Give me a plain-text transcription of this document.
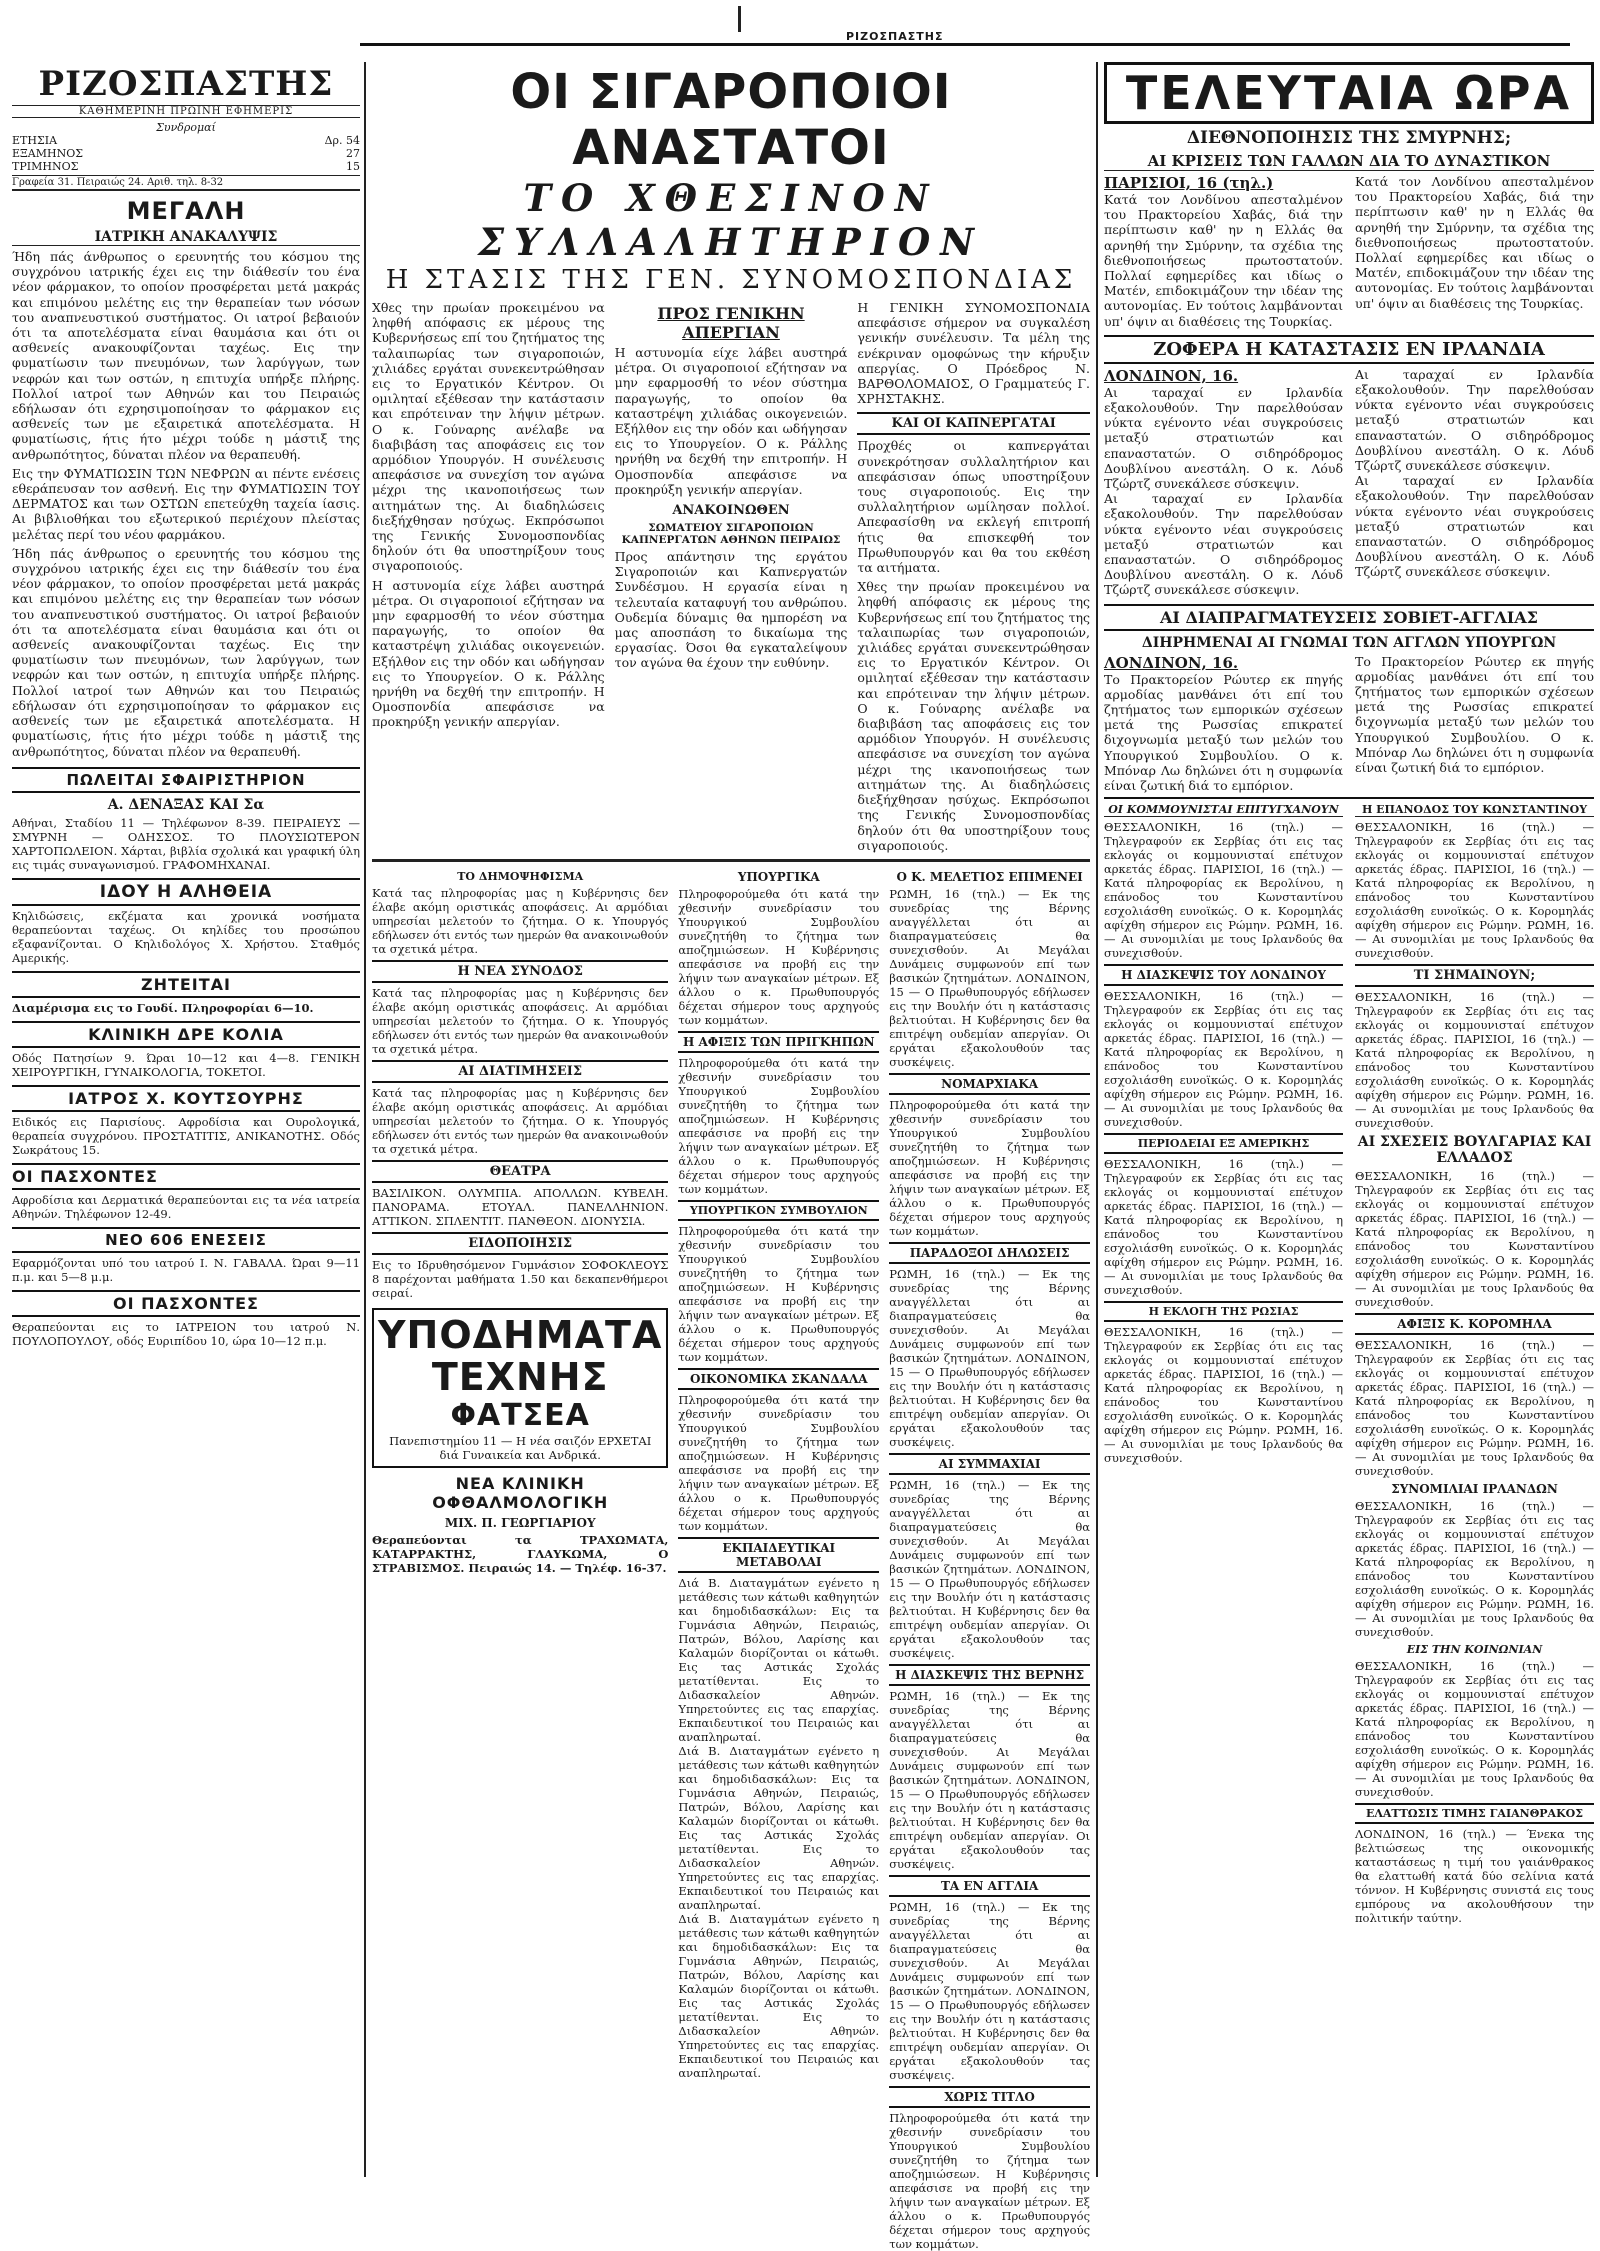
ΡΙΖΟΣΠΑΣΤΗΣ
ΡΙΖΟΣΠΑΣΤΗΣ
ΚΑΘΗΜΕΡΙΝΗ ΠΡΩΙΝΗ ΕΦΗΜΕΡΙΣ
Συνδρομαί
ΕΤΗΣΙΑ	Δρ. 54
ΕΞΑΜΗΝΟΣ	27
ΤΡΙΜΗΝΟΣ	15
Γραφεία 31. Πειραιώς 24. Αριθ. τηλ. 8-32
ΜΕΓΑΛΗ
ΙΑΤΡΙΚΗ ΑΝΑΚΑΛΥΨΙΣ

Ήδη πάς άνθρωπος ο ερευνητής του κόσμου της συγχρόνου ιατρικής έχει εις την διάθεσίν του ένα νέον φάρμακον, το οποίον προσφέρεται μετά μακράς και επιμόνου μελέτης εις την θεραπείαν των νόσων του αναπνευστικού συστήματος. Οι ιατροί βεβαιούν ότι τα αποτελέσματα είναι θαυμάσια και ότι οι ασθενείς ανακουφίζονται ταχέως. Εις την φυματίωσιν των πνευμόνων, των λαρύγγων, των νεφρών και των οστών, η επιτυχία υπήρξε πλήρης. Πολλοί ιατροί των Αθηνών και του Πειραιώς εδήλωσαν ότι εχρησιμοποίησαν το φάρμακον εις ασθενείς των με εξαιρετικά αποτελέσματα. Η φυματίωσις, ήτις ήτο μέχρι τούδε η μάστιξ της ανθρωπότητος, δύναται πλέον να θεραπευθή.

Εις την ΦΥΜΑΤΙΩΣΙΝ ΤΩΝ ΝΕΦΡΩΝ αι πέντε ενέσεις εθεράπευσαν τον ασθενή. Εις την ΦΥΜΑΤΙΩΣΙΝ ΤΟΥ ΔΕΡΜΑΤΟΣ και των ΟΣΤΩΝ επετεύχθη ταχεία ίασις. Αι βιβλιοθήκαι του εξωτερικού περιέχουν πλείστας μελέτας περί του νέου φαρμάκου.

Ήδη πάς άνθρωπος ο ερευνητής του κόσμου της συγχρόνου ιατρικής έχει εις την διάθεσίν του ένα νέον φάρμακον, το οποίον προσφέρεται μετά μακράς και επιμόνου μελέτης εις την θεραπείαν των νόσων του αναπνευστικού συστήματος. Οι ιατροί βεβαιούν ότι τα αποτελέσματα είναι θαυμάσια και ότι οι ασθενείς ανακουφίζονται ταχέως. Εις την φυματίωσιν των πνευμόνων, των λαρύγγων, των νεφρών και των οστών, η επιτυχία υπήρξε πλήρης. Πολλοί ιατροί των Αθηνών και του Πειραιώς εδήλωσαν ότι εχρησιμοποίησαν το φάρμακον εις ασθενείς των με εξαιρετικά αποτελέσματα. Η φυματίωσις, ήτις ήτο μέχρι τούδε η μάστιξ της ανθρωπότητος, δύναται πλέον να θεραπευθή.

ΠΩΛΕΙΤΑΙ ΣΦΑΙΡΙΣΤΗΡΙΟΝ
Α. ΔΕΝΑΞΑΣ ΚΑΙ Σα

Αθήναι, Σταδίου 11 — Τηλέφωνον 8-39. ΠΕΙΡΑΙΕΥΣ — ΣΜΥΡΝΗ — ΟΔΗΣΣΟΣ. ΤΟ ΠΛΟΥΣΙΩΤΕΡΟΝ ΧΑΡΤΟΠΩΛΕΙΟΝ. Χάρται, βιβλία σχολικά και γραφική ύλη εις τιμάς συναγωνισμού. ΓΡΑΦΟΜΗΧΑΝΑΙ.

ΙΔΟΥ Η ΑΛΗΘΕΙΑ

Κηλιδώσεις, εκζέματα και χρονικά νοσήματα θεραπεύονται ταχέως. Οι κηλίδες του προσώπου εξαφανίζονται. Ο Κηλιδολόγος Χ. Χρήστου. Σταθμός Αμερικής.

ΖΗΤΕΙΤΑΙ

Διαμέρισμα εις το Γουδί. Πληροφορίαι 6—10.

ΚΛΙΝΙΚΗ ΔΡΕ ΚΟΛΙΑ

Οδός Πατησίων 9. Ώραι 10—12 και 4—8. ΓΕΝΙΚΗ ΧΕΙΡΟΥΡΓΙΚΗ, ΓΥΝΑΙΚΟΛΟΓΙΑ, ΤΟΚΕΤΟΙ.

ΙΑΤΡΟΣ Χ. ΚΟΥΤΣΟΥΡΗΣ

Ειδικός εις Παρισίους. Αφροδίσια και Ουρολογικά, θεραπεία συγχρόνου. ΠΡΟΣΤΑΤΙΤΙΣ, ΑΝΙΚΑΝΟΤΗΣ. Οδός Σωκράτους 15.

ΟΙ ΠΑΣΧΟΝΤΕΣ

Αφροδίσια και Δερματικά θεραπεύονται εις τα νέα ιατρεία Αθηνών. Τηλέφωνον 12-49.

ΝΕΟ 606 ΕΝΕΣΕΙΣ

Εφαρμόζονται υπό του ιατρού Ι. Ν. ΓΑΒΑΛΑ. Ώραι 9—11 π.μ. και 5—8 μ.μ.

ΟΙ ΠΑΣΧΟΝΤΕΣ

Θεραπεύονται εις το ΙΑΤΡΕΙΟΝ του ιατρού Ν. ΠΟΥΛΟΠΟΥΛΟΥ, οδός Ευριπίδου 10, ώρα 10—12 π.μ.

ΟΙ ΣΙΓΑΡΟΠΟΙΟΙ ΑΝΑΣΤΑΤΟΙ
ΤΟ ΧΘΕΣΙΝΟΝ ΣΥΛΛΑΛΗΤΗΡΙΟΝ
Η ΣΤΑΣΙΣ ΤΗΣ ΓΕΝ. ΣΥΝΟΜΟΣΠΟΝΔΙΑΣ

Χθες την πρωίαν προκειμένου να ληφθή απόφασις εκ μέρους της Κυβερνήσεως επί του ζητήματος της ταλαιπωρίας των σιγαροποιών, χιλιάδες εργάται συνεκεντρώθησαν εις το Εργατικόν Κέντρον. Οι ομιληταί εξέθεσαν την κατάστασιν και επρότειναν την λήψιν μέτρων. Ο κ. Γούναρης ανέλαβε να διαβιβάση τας αποφάσεις εις τον αρμόδιον Υπουργόν. Η συνέλευσις απεφάσισε να συνεχίση τον αγώνα μέχρι της ικανοποιήσεως των αιτημάτων της. Αι διαδηλώσεις διεξήχθησαν ησύχως. Εκπρόσωποι της Γενικής Συνομοσπονδίας δηλούν ότι θα υποστηρίξουν τους σιγαροποιούς.

Η αστυνομία είχε λάβει αυστηρά μέτρα. Οι σιγαροποιοί εζήτησαν να μην εφαρμοσθή το νέον σύστημα παραγωγής, το οποίον θα καταστρέψη χιλιάδας οικογενειών. Εξήλθον εις την οδόν και ωδήγησαν εις το Υπουργείον. Ο κ. Ράλλης ηρνήθη να δεχθή την επιτροπήν. Η Ομοσπονδία απεφάσισε να προκηρύξη γενικήν απεργίαν.

ΠΡΟΣ ΓΕΝΙΚΗΝ ΑΠΕΡΓΙΑΝ

Η αστυνομία είχε λάβει αυστηρά μέτρα. Οι σιγαροποιοί εζήτησαν να μην εφαρμοσθή το νέον σύστημα παραγωγής, το οποίον θα καταστρέψη χιλιάδας οικογενειών. Εξήλθον εις την οδόν και ωδήγησαν εις το Υπουργείον. Ο κ. Ράλλης ηρνήθη να δεχθή την επιτροπήν. Η Ομοσπονδία απεφάσισε να προκηρύξη γενικήν απεργίαν.

ΑΝΑΚΟΙΝΩΘΕΝ
ΣΩΜΑΤΕΙΟΥ ΣΙΓΑΡΟΠΟΙΩΝ ΚΑΠΝΕΡΓΑΤΩΝ ΑΘΗΝΩΝ ΠΕΙΡΑΙΩΣ

Προς απάντησιν της εργάτου Σιγαροποιών και Καπνεργατών Συνδέσμου. Η εργασία είναι η τελευταία καταφυγή του ανθρώπου. Ουδεμία δύναμις θα ημπορέση να μας αποσπάση το δικαίωμα της εργασίας. Όσοι θα εγκαταλείψουν τον αγώνα θα έχουν την ευθύνην.

Η ΓΕΝΙΚΗ ΣΥΝΟΜΟΣΠΟΝΔΙΑ απεφάσισε σήμερον να συγκαλέση γενικήν συνέλευσιν. Τα μέλη της ενέκριναν ομοφώνως την κήρυξιν απεργίας. Ο Πρόεδρος Ν. ΒΑΡΘΟΛΟΜΑΙΟΣ, Ο Γραμματεύς Γ. ΧΡΗΣΤΑΚΗΣ.

ΚΑΙ ΟΙ ΚΑΠΝΕΡΓΑΤΑΙ

Προχθές οι καπνεργάται συνεκρότησαν συλλαλητήριον και απεφάσισαν όπως υποστηρίξουν τους σιγαροποιούς. Εις την συλλαλητήριον ωμίλησαν πολλοί. Απεφασίσθη να εκλεγή επιτροπή ήτις θα επισκεφθή τον Πρωθυπουργόν και θα του εκθέση τα αιτήματα.

Χθες την πρωίαν προκειμένου να ληφθή απόφασις εκ μέρους της Κυβερνήσεως επί του ζητήματος της ταλαιπωρίας των σιγαροποιών, χιλιάδες εργάται συνεκεντρώθησαν εις το Εργατικόν Κέντρον. Οι ομιληταί εξέθεσαν την κατάστασιν και επρότειναν την λήψιν μέτρων. Ο κ. Γούναρης ανέλαβε να διαβιβάση τας αποφάσεις εις τον αρμόδιον Υπουργόν. Η συνέλευσις απεφάσισε να συνεχίση τον αγώνα μέχρι της ικανοποιήσεως των αιτημάτων της. Αι διαδηλώσεις διεξήχθησαν ησύχως. Εκπρόσωποι της Γενικής Συνομοσπονδίας δηλούν ότι θα υποστηρίξουν τους σιγαροποιούς.

ΤΟ ΔΗΜΟΨΗΦΙΣΜΑ

Κατά τας πληροφορίας μας η Κυβέρνησις δεν έλαβε ακόμη οριστικάς αποφάσεις. Αι αρμόδιαι υπηρεσίαι μελετούν το ζήτημα. Ο κ. Υπουργός εδήλωσεν ότι εντός των ημερών θα ανακοινωθούν τα σχετικά μέτρα.

Η ΝΕΑ ΣΥΝΟΔΟΣ

Κατά τας πληροφορίας μας η Κυβέρνησις δεν έλαβε ακόμη οριστικάς αποφάσεις. Αι αρμόδιαι υπηρεσίαι μελετούν το ζήτημα. Ο κ. Υπουργός εδήλωσεν ότι εντός των ημερών θα ανακοινωθούν τα σχετικά μέτρα.

ΑΙ ΔΙΑΤΙΜΗΣΕΙΣ

Κατά τας πληροφορίας μας η Κυβέρνησις δεν έλαβε ακόμη οριστικάς αποφάσεις. Αι αρμόδιαι υπηρεσίαι μελετούν το ζήτημα. Ο κ. Υπουργός εδήλωσεν ότι εντός των ημερών θα ανακοινωθούν τα σχετικά μέτρα.

ΘΕΑΤΡΑ

ΒΑΣΙΛΙΚΟΝ. ΟΛΥΜΠΙΑ. ΑΠΟΛΛΩΝ. ΚΥΒΕΛΗ. ΠΑΝΟΡΑΜΑ. ΕΤΟΥΑΛ. ΠΑΝΕΛΛΗΝΙΟΝ. ΑΤΤΙΚΟΝ. ΣΠΛΕΝΤΙΤ. ΠΑΝΘΕΟΝ. ΔΙΟΝΥΣΙΑ.

ΕΙΔΟΠΟΙΗΣΙΣ

Εις το Ιδρυθησόμενον Γυμνάσιον ΣΟΦΟΚΛΕΟΥΣ 8 παρέχονται μαθήματα 1.50 και δεκαπενθήμεροι σειραί.

ΥΠΟΔΗΜΑΤΑ
ΤΕΧΝΗΣ
ΦΑΤΣΕΑ

Πανεπιστημίου 11 — Η νέα σαιζόν ΕΡΧΕΤΑΙ διά Γυναικεία και Ανδρικά.

ΝΕΑ ΚΛΙΝΙΚΗ ΟΦΘΑΛΜΟΛΟΓΙΚΗ
ΜΙΧ. Π. ΓΕΩΡΓΙΑΡΙΟΥ

Θεραπεύονται τα ΤΡΑΧΩΜΑΤΑ, ΚΑΤΑΡΡΑΚΤΗΣ, ΓΛΑΥΚΩΜΑ, Ο ΣΤΡΑΒΙΣΜΟΣ. Πειραιώς 14. — Τηλέφ. 16-37.

ΥΠΟΥΡΓΙΚΑ

Πληροφορούμεθα ότι κατά την χθεσινήν συνεδρίασιν του Υπουργικού Συμβουλίου συνεζητήθη το ζήτημα των αποζημιώσεων. Η Κυβέρνησις απεφάσισε να προβή εις την λήψιν των αναγκαίων μέτρων. Εξ άλλου ο κ. Πρωθυπουργός δέχεται σήμερον τους αρχηγούς των κομμάτων.

Η ΑΦΙΞΙΣ ΤΩΝ ΠΡΙΓΚΗΠΩΝ

Πληροφορούμεθα ότι κατά την χθεσινήν συνεδρίασιν του Υπουργικού Συμβουλίου συνεζητήθη το ζήτημα των αποζημιώσεων. Η Κυβέρνησις απεφάσισε να προβή εις την λήψιν των αναγκαίων μέτρων. Εξ άλλου ο κ. Πρωθυπουργός δέχεται σήμερον τους αρχηγούς των κομμάτων.

ΥΠΟΥΡΓΙΚΟΝ ΣΥΜΒΟΥΛΙΟΝ

Πληροφορούμεθα ότι κατά την χθεσινήν συνεδρίασιν του Υπουργικού Συμβουλίου συνεζητήθη το ζήτημα των αποζημιώσεων. Η Κυβέρνησις απεφάσισε να προβή εις την λήψιν των αναγκαίων μέτρων. Εξ άλλου ο κ. Πρωθυπουργός δέχεται σήμερον τους αρχηγούς των κομμάτων.

ΟΙΚΟΝΟΜΙΚΑ ΣΚΑΝΔΑΛΑ

Πληροφορούμεθα ότι κατά την χθεσινήν συνεδρίασιν του Υπουργικού Συμβουλίου συνεζητήθη το ζήτημα των αποζημιώσεων. Η Κυβέρνησις απεφάσισε να προβή εις την λήψιν των αναγκαίων μέτρων. Εξ άλλου ο κ. Πρωθυπουργός δέχεται σήμερον τους αρχηγούς των κομμάτων.

ΕΚΠΑΙΔΕΥΤΙΚΑΙ ΜΕΤΑΒΟΛΑΙ

Διά Β. Διαταγμάτων εγένετο η μετάθεσις των κάτωθι καθηγητών και δημοδιδασκάλων: Εις τα Γυμνάσια Αθηνών, Πειραιώς, Πατρών, Βόλου, Λαρίσης και Καλαμών διορίζονται οι κάτωθι. Εις τας Αστικάς Σχολάς μετατίθενται. Εις το Διδασκαλείον Αθηνών. Υπηρετούντες εις τας επαρχίας. Εκπαιδευτικοί του Πειραιώς και αναπληρωταί.

Διά Β. Διαταγμάτων εγένετο η μετάθεσις των κάτωθι καθηγητών και δημοδιδασκάλων: Εις τα Γυμνάσια Αθηνών, Πειραιώς, Πατρών, Βόλου, Λαρίσης και Καλαμών διορίζονται οι κάτωθι. Εις τας Αστικάς Σχολάς μετατίθενται. Εις το Διδασκαλείον Αθηνών. Υπηρετούντες εις τας επαρχίας. Εκπαιδευτικοί του Πειραιώς και αναπληρωταί.

Διά Β. Διαταγμάτων εγένετο η μετάθεσις των κάτωθι καθηγητών και δημοδιδασκάλων: Εις τα Γυμνάσια Αθηνών, Πειραιώς, Πατρών, Βόλου, Λαρίσης και Καλαμών διορίζονται οι κάτωθι. Εις τας Αστικάς Σχολάς μετατίθενται. Εις το Διδασκαλείον Αθηνών. Υπηρετούντες εις τας επαρχίας. Εκπαιδευτικοί του Πειραιώς και αναπληρωταί.

Ο Κ. ΜΕΛΕΤΙΟΣ ΕΠΙΜΕΝΕΙ

ΡΩΜΗ, 16 (τηλ.) — Εκ της συνεδρίας της Βέρνης αναγγέλλεται ότι αι διαπραγματεύσεις θα συνεχισθούν. Αι Μεγάλαι Δυνάμεις συμφωνούν επί των βασικών ζητημάτων. ΛΟΝΔΙΝΟΝ, 15 — Ο Πρωθυπουργός εδήλωσεν εις την Βουλήν ότι η κατάστασις βελτιούται. Η Κυβέρνησις δεν θα επιτρέψη ουδεμίαν απεργίαν. Οι εργάται εξακολουθούν τας συσκέψεις.

ΝΟΜΑΡΧΙΑΚΑ

Πληροφορούμεθα ότι κατά την χθεσινήν συνεδρίασιν του Υπουργικού Συμβουλίου συνεζητήθη το ζήτημα των αποζημιώσεων. Η Κυβέρνησις απεφάσισε να προβή εις την λήψιν των αναγκαίων μέτρων. Εξ άλλου ο κ. Πρωθυπουργός δέχεται σήμερον τους αρχηγούς των κομμάτων.

ΠΑΡΑΔΟΞΟΙ ΔΗΛΩΣΕΙΣ

ΡΩΜΗ, 16 (τηλ.) — Εκ της συνεδρίας της Βέρνης αναγγέλλεται ότι αι διαπραγματεύσεις θα συνεχισθούν. Αι Μεγάλαι Δυνάμεις συμφωνούν επί των βασικών ζητημάτων. ΛΟΝΔΙΝΟΝ, 15 — Ο Πρωθυπουργός εδήλωσεν εις την Βουλήν ότι η κατάστασις βελτιούται. Η Κυβέρνησις δεν θα επιτρέψη ουδεμίαν απεργίαν. Οι εργάται εξακολουθούν τας συσκέψεις.

ΑΙ ΣΥΜΜΑΧΙΑΙ

ΡΩΜΗ, 16 (τηλ.) — Εκ της συνεδρίας της Βέρνης αναγγέλλεται ότι αι διαπραγματεύσεις θα συνεχισθούν. Αι Μεγάλαι Δυνάμεις συμφωνούν επί των βασικών ζητημάτων. ΛΟΝΔΙΝΟΝ, 15 — Ο Πρωθυπουργός εδήλωσεν εις την Βουλήν ότι η κατάστασις βελτιούται. Η Κυβέρνησις δεν θα επιτρέψη ουδεμίαν απεργίαν. Οι εργάται εξακολουθούν τας συσκέψεις.

Η ΔΙΑΣΚΕΨΙΣ ΤΗΣ ΒΕΡΝΗΣ

ΡΩΜΗ, 16 (τηλ.) — Εκ της συνεδρίας της Βέρνης αναγγέλλεται ότι αι διαπραγματεύσεις θα συνεχισθούν. Αι Μεγάλαι Δυνάμεις συμφωνούν επί των βασικών ζητημάτων. ΛΟΝΔΙΝΟΝ, 15 — Ο Πρωθυπουργός εδήλωσεν εις την Βουλήν ότι η κατάστασις βελτιούται. Η Κυβέρνησις δεν θα επιτρέψη ουδεμίαν απεργίαν. Οι εργάται εξακολουθούν τας συσκέψεις.

ΤΑ ΕΝ ΑΓΓΛΙΑ

ΡΩΜΗ, 16 (τηλ.) — Εκ της συνεδρίας της Βέρνης αναγγέλλεται ότι αι διαπραγματεύσεις θα συνεχισθούν. Αι Μεγάλαι Δυνάμεις συμφωνούν επί των βασικών ζητημάτων. ΛΟΝΔΙΝΟΝ, 15 — Ο Πρωθυπουργός εδήλωσεν εις την Βουλήν ότι η κατάστασις βελτιούται. Η Κυβέρνησις δεν θα επιτρέψη ουδεμίαν απεργίαν. Οι εργάται εξακολουθούν τας συσκέψεις.

ΧΩΡΙΣ ΤΙΤΛΟ

Πληροφορούμεθα ότι κατά την χθεσινήν συνεδρίασιν του Υπουργικού Συμβουλίου συνεζητήθη το ζήτημα των αποζημιώσεων. Η Κυβέρνησις απεφάσισε να προβή εις την λήψιν των αναγκαίων μέτρων. Εξ άλλου ο κ. Πρωθυπουργός δέχεται σήμερον τους αρχηγούς των κομμάτων.

ΤΕΛΕΥΤΑΙΑ ΩΡΑ
ΔΙΕΘΝΟΠΟΙΗΣΙΣ ΤΗΣ ΣΜΥΡΝΗΣ;
ΑΙ ΚΡΙΣΕΙΣ ΤΩΝ ΓΑΛΛΩΝ ΔΙΑ ΤΟ ΔΥΝΑΣΤΙΚΟΝ
ΠΑΡΙΣΙΟΙ, 16 (τηλ.)

Κατά τον Λονδίνου απεσταλμένον του Πρακτορείου Χαβάς, διά την περίπτωσιν καθ' ην η Ελλάς θα αρνηθή την Σμύρνην, τα σχέδια της διεθνοποιήσεως πρωτοστατούν. Πολλαί εφημερίδες και ιδίως ο Ματέν, επιδοκιμάζουν την ιδέαν της αυτονομίας. Εν τούτοις λαμβάνονται υπ' όψιν αι διαθέσεις της Τουρκίας.

Κατά τον Λονδίνου απεσταλμένον του Πρακτορείου Χαβάς, διά την περίπτωσιν καθ' ην η Ελλάς θα αρνηθή την Σμύρνην, τα σχέδια της διεθνοποιήσεως πρωτοστατούν. Πολλαί εφημερίδες και ιδίως ο Ματέν, επιδοκιμάζουν την ιδέαν της αυτονομίας. Εν τούτοις λαμβάνονται υπ' όψιν αι διαθέσεις της Τουρκίας.

ΖΟΦΕΡΑ Η ΚΑΤΑΣΤΑΣΙΣ ΕΝ ΙΡΛΑΝΔΙΑ
ΛΟΝΔΙΝΟΝ, 16.

Αι ταραχαί εν Ιρλανδία εξακολουθούν. Την παρελθούσαν νύκτα εγένοντο νέαι συγκρούσεις μεταξύ στρατιωτών και επαναστατών. Ο σιδηρόδρομος Δουβλίνου ανεστάλη. Ο κ. Λόυδ Τζώρτζ συνεκάλεσε σύσκεψιν.

Αι ταραχαί εν Ιρλανδία εξακολουθούν. Την παρελθούσαν νύκτα εγένοντο νέαι συγκρούσεις μεταξύ στρατιωτών και επαναστατών. Ο σιδηρόδρομος Δουβλίνου ανεστάλη. Ο κ. Λόυδ Τζώρτζ συνεκάλεσε σύσκεψιν.

Αι ταραχαί εν Ιρλανδία εξακολουθούν. Την παρελθούσαν νύκτα εγένοντο νέαι συγκρούσεις μεταξύ στρατιωτών και επαναστατών. Ο σιδηρόδρομος Δουβλίνου ανεστάλη. Ο κ. Λόυδ Τζώρτζ συνεκάλεσε σύσκεψιν.

Αι ταραχαί εν Ιρλανδία εξακολουθούν. Την παρελθούσαν νύκτα εγένοντο νέαι συγκρούσεις μεταξύ στρατιωτών και επαναστατών. Ο σιδηρόδρομος Δουβλίνου ανεστάλη. Ο κ. Λόυδ Τζώρτζ συνεκάλεσε σύσκεψιν.

ΑΙ ΔΙΑΠΡΑΓΜΑΤΕΥΣΕΙΣ ΣΟΒΙΕΤ-ΑΓΓΛΙΑΣ
ΔΙΗΡΗΜΕΝΑΙ ΑΙ ΓΝΩΜΑΙ ΤΩΝ ΑΓΓΛΩΝ ΥΠΟΥΡΓΩΝ
ΛΟΝΔΙΝΟΝ, 16.

Το Πρακτορείον Ρώυτερ εκ πηγής αρμοδίας μανθάνει ότι επί του ζητήματος των εμπορικών σχέσεων μετά της Ρωσσίας επικρατεί διχογνωμία μεταξύ των μελών του Υπουργικού Συμβουλίου. Ο κ. Μπόναρ Λω δηλώνει ότι η συμφωνία είναι ζωτική διά το εμπόριον.

Το Πρακτορείον Ρώυτερ εκ πηγής αρμοδίας μανθάνει ότι επί του ζητήματος των εμπορικών σχέσεων μετά της Ρωσσίας επικρατεί διχογνωμία μεταξύ των μελών του Υπουργικού Συμβουλίου. Ο κ. Μπόναρ Λω δηλώνει ότι η συμφωνία είναι ζωτική διά το εμπόριον.

ΟΙ ΚΟΜΜΟΥΝΙΣΤΑΙ ΕΠΙΤΥΓΧΑΝΟΥΝ

ΘΕΣΣΑΛΟΝΙΚΗ, 16 (τηλ.) — Τηλεγραφούν εκ Σερβίας ότι εις τας εκλογάς οι κομμουνισταί επέτυχον αρκετάς έδρας. ΠΑΡΙΣΙΟΙ, 16 (τηλ.) — Κατά πληροφορίας εκ Βερολίνου, η επάνοδος του Κωνσταντίνου εσχολιάσθη ευνοϊκώς. Ο κ. Κορομηλάς αφίχθη σήμερον εις Ρώμην. ΡΩΜΗ, 16. — Αι συνομιλίαι με τους Ιρλανδούς θα συνεχισθούν.

Η ΔΙΑΣΚΕΨΙΣ ΤΟΥ ΛΟΝΔΙΝΟΥ

ΘΕΣΣΑΛΟΝΙΚΗ, 16 (τηλ.) — Τηλεγραφούν εκ Σερβίας ότι εις τας εκλογάς οι κομμουνισταί επέτυχον αρκετάς έδρας. ΠΑΡΙΣΙΟΙ, 16 (τηλ.) — Κατά πληροφορίας εκ Βερολίνου, η επάνοδος του Κωνσταντίνου εσχολιάσθη ευνοϊκώς. Ο κ. Κορομηλάς αφίχθη σήμερον εις Ρώμην. ΡΩΜΗ, 16. — Αι συνομιλίαι με τους Ιρλανδούς θα συνεχισθούν.

ΠΕΡΙΟΔΕΙΑΙ ΕΞ ΑΜΕΡΙΚΗΣ

ΘΕΣΣΑΛΟΝΙΚΗ, 16 (τηλ.) — Τηλεγραφούν εκ Σερβίας ότι εις τας εκλογάς οι κομμουνισταί επέτυχον αρκετάς έδρας. ΠΑΡΙΣΙΟΙ, 16 (τηλ.) — Κατά πληροφορίας εκ Βερολίνου, η επάνοδος του Κωνσταντίνου εσχολιάσθη ευνοϊκώς. Ο κ. Κορομηλάς αφίχθη σήμερον εις Ρώμην. ΡΩΜΗ, 16. — Αι συνομιλίαι με τους Ιρλανδούς θα συνεχισθούν.

Η ΕΚΛΟΓΗ ΤΗΣ ΡΩΣΙΑΣ

ΘΕΣΣΑΛΟΝΙΚΗ, 16 (τηλ.) — Τηλεγραφούν εκ Σερβίας ότι εις τας εκλογάς οι κομμουνισταί επέτυχον αρκετάς έδρας. ΠΑΡΙΣΙΟΙ, 16 (τηλ.) — Κατά πληροφορίας εκ Βερολίνου, η επάνοδος του Κωνσταντίνου εσχολιάσθη ευνοϊκώς. Ο κ. Κορομηλάς αφίχθη σήμερον εις Ρώμην. ΡΩΜΗ, 16. — Αι συνομιλίαι με τους Ιρλανδούς θα συνεχισθούν.

Η ΕΠΑΝΟΔΟΣ ΤΟΥ ΚΩΝΣΤΑΝΤΙΝΟΥ

ΘΕΣΣΑΛΟΝΙΚΗ, 16 (τηλ.) — Τηλεγραφούν εκ Σερβίας ότι εις τας εκλογάς οι κομμουνισταί επέτυχον αρκετάς έδρας. ΠΑΡΙΣΙΟΙ, 16 (τηλ.) — Κατά πληροφορίας εκ Βερολίνου, η επάνοδος του Κωνσταντίνου εσχολιάσθη ευνοϊκώς. Ο κ. Κορομηλάς αφίχθη σήμερον εις Ρώμην. ΡΩΜΗ, 16. — Αι συνομιλίαι με τους Ιρλανδούς θα συνεχισθούν.

ΤΙ ΣΗΜΑΙΝΟΥΝ;

ΘΕΣΣΑΛΟΝΙΚΗ, 16 (τηλ.) — Τηλεγραφούν εκ Σερβίας ότι εις τας εκλογάς οι κομμουνισταί επέτυχον αρκετάς έδρας. ΠΑΡΙΣΙΟΙ, 16 (τηλ.) — Κατά πληροφορίας εκ Βερολίνου, η επάνοδος του Κωνσταντίνου εσχολιάσθη ευνοϊκώς. Ο κ. Κορομηλάς αφίχθη σήμερον εις Ρώμην. ΡΩΜΗ, 16. — Αι συνομιλίαι με τους Ιρλανδούς θα συνεχισθούν.

ΑΙ ΣΧΕΣΕΙΣ ΒΟΥΛΓΑΡΙΑΣ ΚΑΙ ΕΛΛΑΔΟΣ

ΘΕΣΣΑΛΟΝΙΚΗ, 16 (τηλ.) — Τηλεγραφούν εκ Σερβίας ότι εις τας εκλογάς οι κομμουνισταί επέτυχον αρκετάς έδρας. ΠΑΡΙΣΙΟΙ, 16 (τηλ.) — Κατά πληροφορίας εκ Βερολίνου, η επάνοδος του Κωνσταντίνου εσχολιάσθη ευνοϊκώς. Ο κ. Κορομηλάς αφίχθη σήμερον εις Ρώμην. ΡΩΜΗ, 16. — Αι συνομιλίαι με τους Ιρλανδούς θα συνεχισθούν.

ΑΦΙΞΙΣ Κ. ΚΟΡΟΜΗΛΑ

ΘΕΣΣΑΛΟΝΙΚΗ, 16 (τηλ.) — Τηλεγραφούν εκ Σερβίας ότι εις τας εκλογάς οι κομμουνισταί επέτυχον αρκετάς έδρας. ΠΑΡΙΣΙΟΙ, 16 (τηλ.) — Κατά πληροφορίας εκ Βερολίνου, η επάνοδος του Κωνσταντίνου εσχολιάσθη ευνοϊκώς. Ο κ. Κορομηλάς αφίχθη σήμερον εις Ρώμην. ΡΩΜΗ, 16. — Αι συνομιλίαι με τους Ιρλανδούς θα συνεχισθούν.

ΣΥΝΟΜΙΛΙΑΙ ΙΡΛΑΝΔΩΝ

ΘΕΣΣΑΛΟΝΙΚΗ, 16 (τηλ.) — Τηλεγραφούν εκ Σερβίας ότι εις τας εκλογάς οι κομμουνισταί επέτυχον αρκετάς έδρας. ΠΑΡΙΣΙΟΙ, 16 (τηλ.) — Κατά πληροφορίας εκ Βερολίνου, η επάνοδος του Κωνσταντίνου εσχολιάσθη ευνοϊκώς. Ο κ. Κορομηλάς αφίχθη σήμερον εις Ρώμην. ΡΩΜΗ, 16. — Αι συνομιλίαι με τους Ιρλανδούς θα συνεχισθούν.

ΕΙΣ ΤΗΝ ΚΟΙΝΩΝΙΑΝ

ΘΕΣΣΑΛΟΝΙΚΗ, 16 (τηλ.) — Τηλεγραφούν εκ Σερβίας ότι εις τας εκλογάς οι κομμουνισταί επέτυχον αρκετάς έδρας. ΠΑΡΙΣΙΟΙ, 16 (τηλ.) — Κατά πληροφορίας εκ Βερολίνου, η επάνοδος του Κωνσταντίνου εσχολιάσθη ευνοϊκώς. Ο κ. Κορομηλάς αφίχθη σήμερον εις Ρώμην. ΡΩΜΗ, 16. — Αι συνομιλίαι με τους Ιρλανδούς θα συνεχισθούν.

ΕΛΑΤΤΩΣΙΣ ΤΙΜΗΣ ΓΑΙΑΝΘΡΑΚΟΣ

ΛΟΝΔΙΝΟΝ, 16 (τηλ.) — Ένεκα της βελτιώσεως της οικονομικής καταστάσεως η τιμή του γαιάνθρακος θα ελαττωθή κατά δύο σελίνια κατά τόννον. Η Κυβέρνησις συνιστά εις τους εμπόρους να ακολουθήσουν την πολιτικήν ταύτην.
